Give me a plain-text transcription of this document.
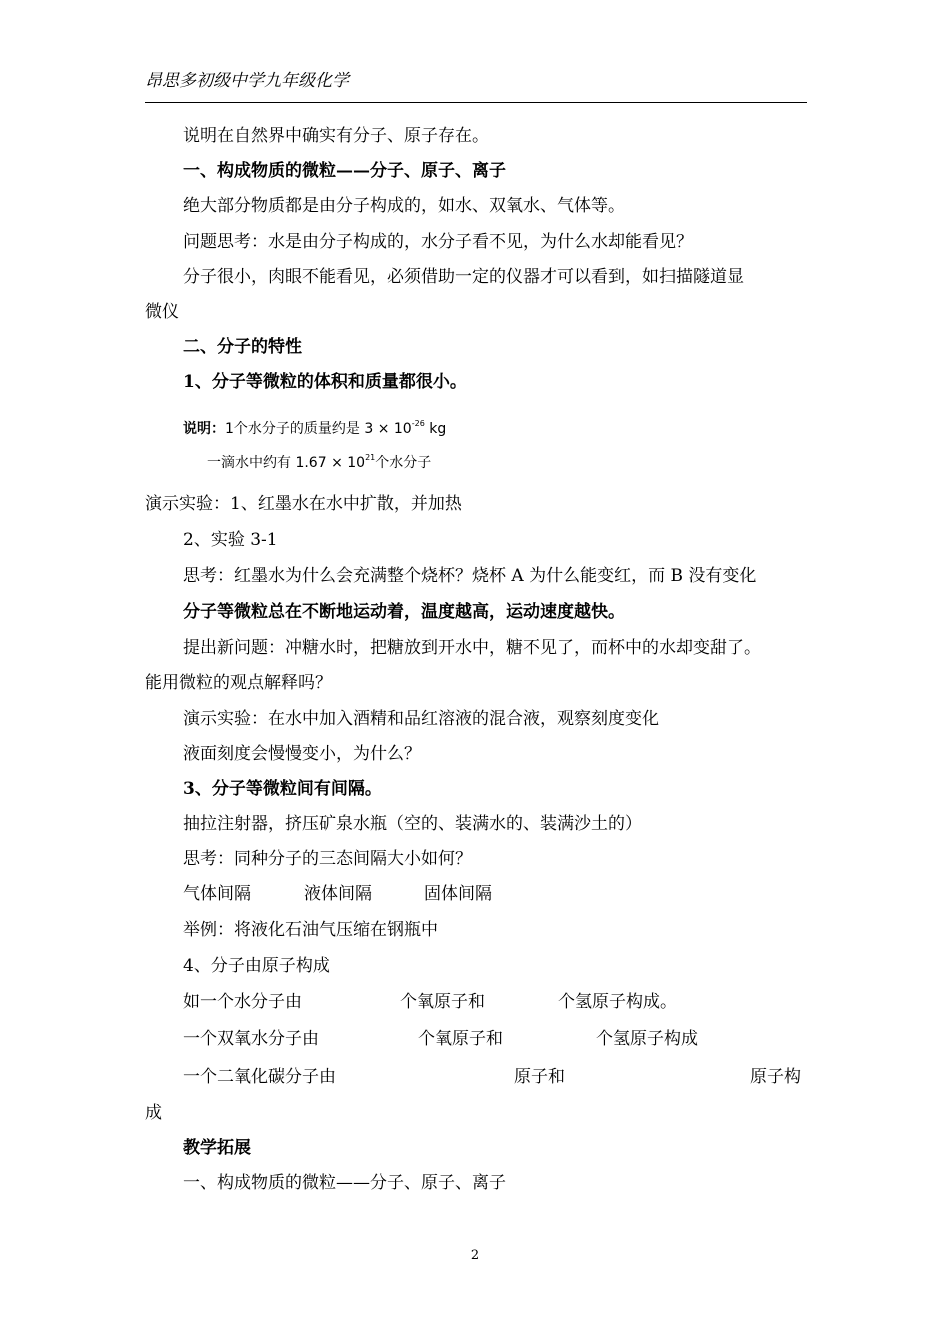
昂思多初级中学九年级化学
说明在自然界中确实有分子、原子存在。
一、构成物质的微粒——分子、原子、离子
绝大部分物质都是由分子构成的，如水、双氧水、气体等。
问题思考：水是由分子构成的，水分子看不见，为什么水却能看见？
分子很小，肉眼不能看见，必须借助一定的仪器才可以看到，如扫描隧道显
微仪
二、分子的特性
1、分子等微粒的体积和质量都很小。
说明：1个水分子的质量约是 $3 \times 10^{-26}$ kg
一滴水中约有 $1.67 \times 10^{21}$个水分子
演示实验：1、红墨水在水中扩散，并加热
2、实验 3-1
思考：红墨水为什么会充满整个烧杯？烧杯 A 为什么能变红，而 B 没有变化
分子等微粒总在不断地运动着，温度越高，运动速度越快。
提出新问题：冲糖水时，把糖放到开水中，糖不见了，而杯中的水却变甜了。
能用微粒的观点解释吗？
演示实验：在水中加入酒精和品红溶液的混合液，观察刻度变化
液面刻度会慢慢变小，为什么？
3、分子等微粒间有间隔。
抽拉注射器，挤压矿泉水瓶（空的、装满水的、装满沙土的）
思考：同种分子的三态间隔大小如何？
气体间隔	液体间隔	固体间隔
举例：将液化石油气压缩在钢瓶中
4、分子由原子构成
如一个水分子由	个氧原子和	个氢原子构成。
一个双氧水分子由	个氧原子和	个氢原子构成
一个二氧化碳分子由	原子和	原子构
成
教学拓展
一、构成物质的微粒——分子、原子、离子
2
